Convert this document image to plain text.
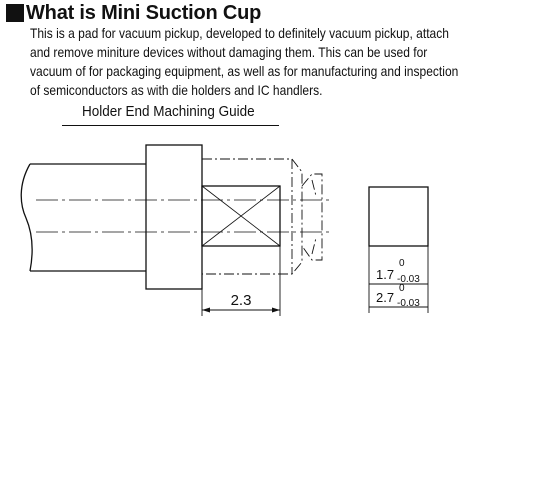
What is Mini Suction Cup
This is a pad for vacuum pickup, developed to definitely vacuum pickup, attach
and remove miniture devices without damaging them. This can be used for
vacuum of for packaging equipment, as well as for manufacturing and inspection
of semiconductors as with die holders and IC handlers.
Holder End Machining Guide
2.3
1.7
0
-0.03
2.7
0
-0.03
